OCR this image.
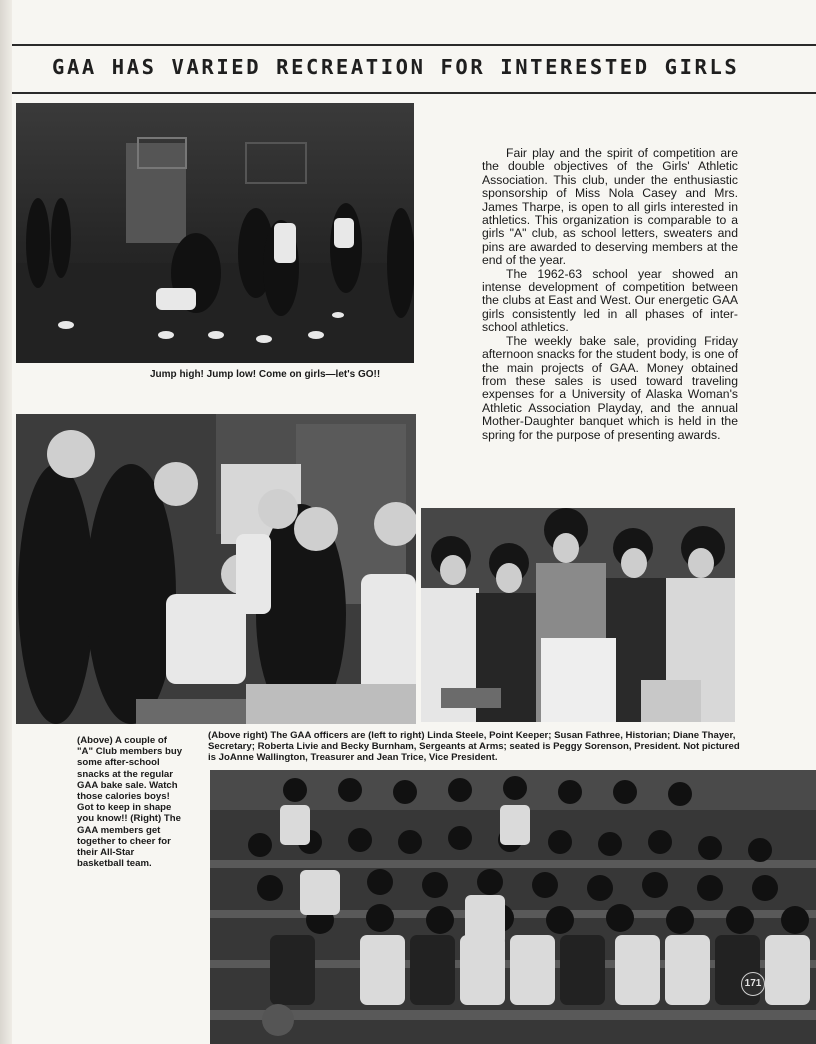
GAA HAS VARIED RECREATION FOR INTERESTED GIRLS
Jump high! Jump low! Come on girls—let's GO!!

Fair play and the spirit of competition are the double objectives of the Girls' Athletic Association. This club, under the enthusiastic sponsorship of Miss Nola Casey and Mrs. James Tharpe, is open to all girls interested in athletics. This organization is comparable to a girls "A" club, as school letters, sweaters and pins are awarded to deserving members at the end of the year.

The 1962-63 school year showed an intense development of competition between the clubs at East and West. Our energetic GAA girls consistently led in all phases of inter-school athletics.

The weekly bake sale, providing Friday afternoon snacks for the student body, is one of the main projects of GAA. Money obtained from these sales is used toward traveling expenses for a University of Alaska Woman's Athletic Association Playday, and the annual Mother-Daughter banquet which is held in the spring for the purpose of presenting awards.

(Above) A couple of "A" Club members buy some after-school snacks at the regular GAA bake sale. Watch those calories boys! Got to keep in shape you know!! (Right) The GAA members get together to cheer for their All-Star basketball team.
(Above right) The GAA officers are (left to right) Linda Steele, Point Keeper; Susan Fathree, Historian; Diane Thayer, Secretary; Roberta Livie and Becky Burnham, Sergeants at Arms; seated is Peggy Sorenson, President. Not pictured is JoAnne Wallington, Treasurer and Jean Trice, Vice President.
171
